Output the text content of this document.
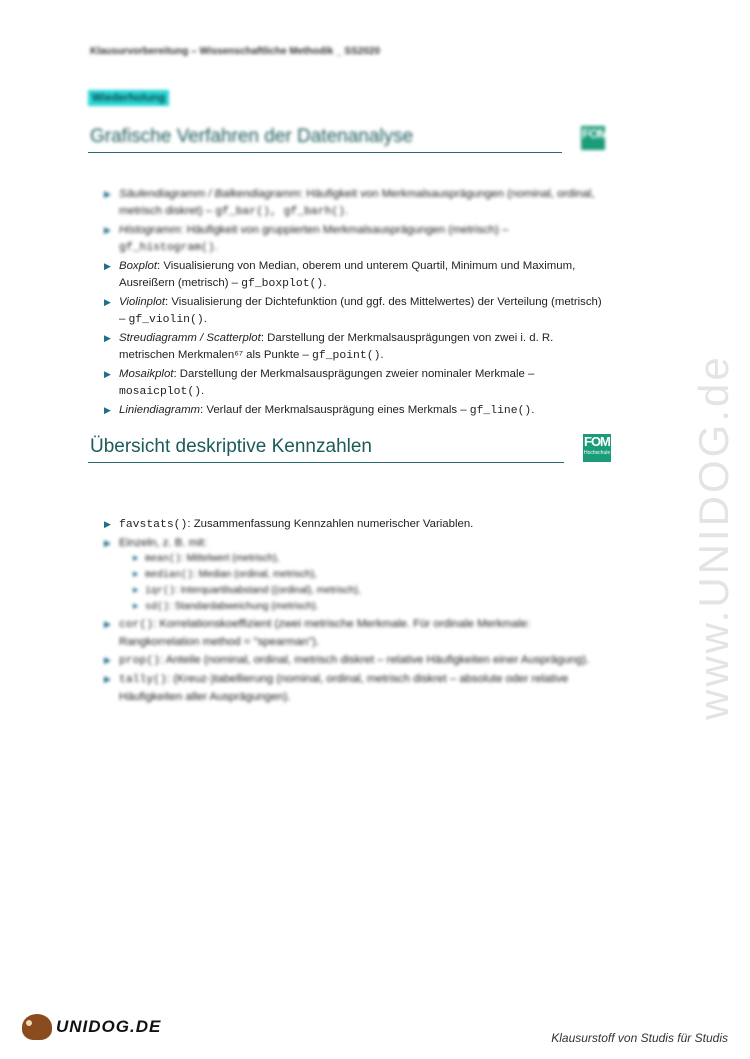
Klausurvorbereitung – Wissenschaftliche Methodik _ SS2020
Wiederholung
Grafische Verfahren der Datenanalyse	FOM
▶ Säulendiagramm / Balkendiagramm: Häufigkeit von Merkmalsausprägungen (nominal, ordinal, metrisch diskret) – gf_bar(), gf_barh().
▶ Histogramm: Häufigkeit von gruppierten Merkmalsausprägungen (metrisch) – gf_histogram().
▶ Boxplot: Visualisierung von Median, oberem und unterem Quartil, Minimum und Maximum, Ausreißern (metrisch) – gf_boxplot().
▶ Violinplot: Visualisierung der Dichtefunktion (und ggf. des Mittelwertes) der Verteilung (metrisch) – gf_violin().
▶ Streudiagramm / Scatterplot: Darstellung der Merkmalsausprägungen von zwei i. d. R. metrischen Merkmalen⁶⁷ als Punkte – gf_point().
▶ Mosaikplot: Darstellung der Merkmalsausprägungen zweier nominaler Merkmale – mosaicplot().
▶ Liniendiagramm: Verlauf der Merkmalsausprägung eines Merkmals – gf_line().
Übersicht deskriptive Kennzahlen	FOM
Hochschule
▶ favstats(): Zusammenfassung Kennzahlen numerischer Variablen.
▶ Einzeln, z. B. mit:
▶ mean(): Mittelwert (metrisch),
▶ median(): Median (ordinal, metrisch),
▶ iqr(): Interquartilsabstand ((ordinal), metrisch),
▶ sd(): Standardabweichung (metrisch).
▶ cor(): Korrelationskoeffizient (zwei metrische Merkmale. Für ordinale Merkmale: Rangkorrelation method = "spearman").
▶ prop(): Anteile (nominal, ordinal, metrisch diskret – relative Häufigkeiten einer Ausprägung).
▶ tally(): (Kreuz-)tabellierung (nominal, ordinal, metrisch diskret – absolute oder relative Häufigkeiten aller Ausprägungen).	www.UNIDOG.de
UNIDOG.DE
Klausurstoff von Studis für Studis
